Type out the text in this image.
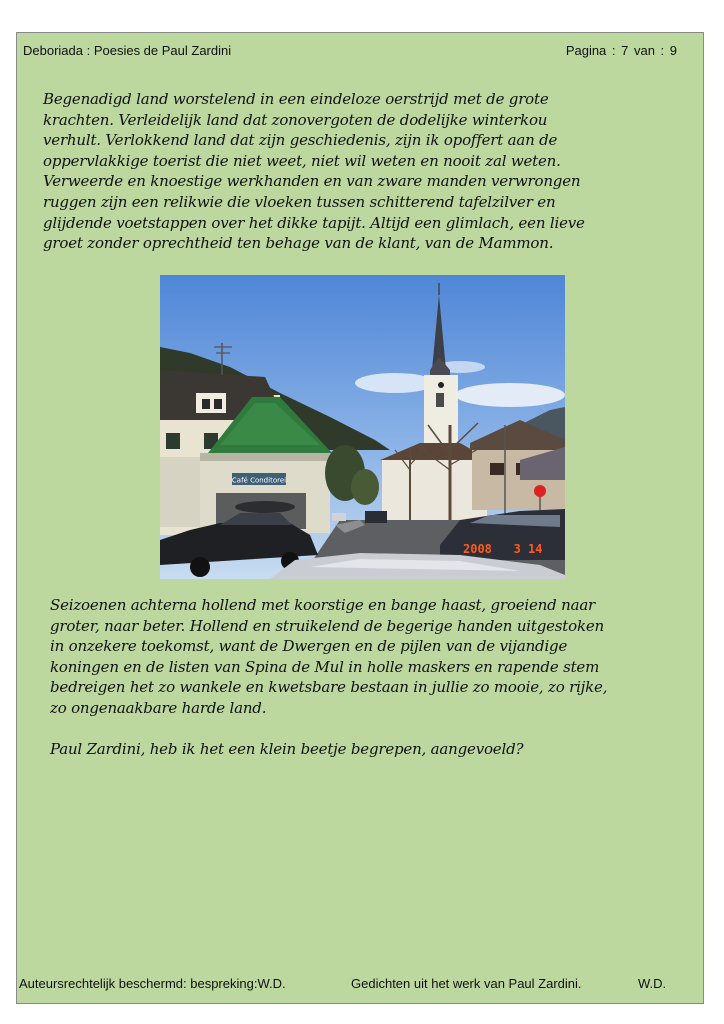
Deboriada : Poesies de Paul Zardini	Pagina : 7 van : 9

Begenadigd land worstelend in een eindeloze oerstrijd met de grote
krachten. Verleidelijk land dat zonovergoten de dodelijke winterkou
verhult. Verlokkend land dat zijn geschiedenis, zijn ik opoffert aan de
oppervlakkige toerist die niet weet, niet wil weten en nooit zal weten.
Verweerde en knoestige werkhanden en van zware manden verwrongen
ruggen zijn een relikwie die vloeken tussen schitterend tafelzilver en
glijdende voetstappen over het dikke tapijt. Altijd een glimlach, een lieve
groet zonder oprechtheid ten behage van de klant, van de Mammon.

Café Conditorei
2008   3 14

Seizoenen achterna hollend met koorstige en bange haast, groeiend naar
groter, naar beter. Hollend en struikelend de begerige handen uitgestoken
in onzekere toekomst, want de Dwergen en de pijlen van de vijandige
koningen en de listen van Spina de Mul in holle maskers en rapende stem
bedreigen het zo wankele en kwetsbare bestaan in jullie zo mooie, zo rijke,
zo ongenaakbare harde land.

Paul Zardini, heb ik het een klein beetje begrepen, aangevoeld?

Auteursrechtelijk beschermd: bespreking:W.D.	Gedichten uit het werk van Paul Zardini.	W.D.
